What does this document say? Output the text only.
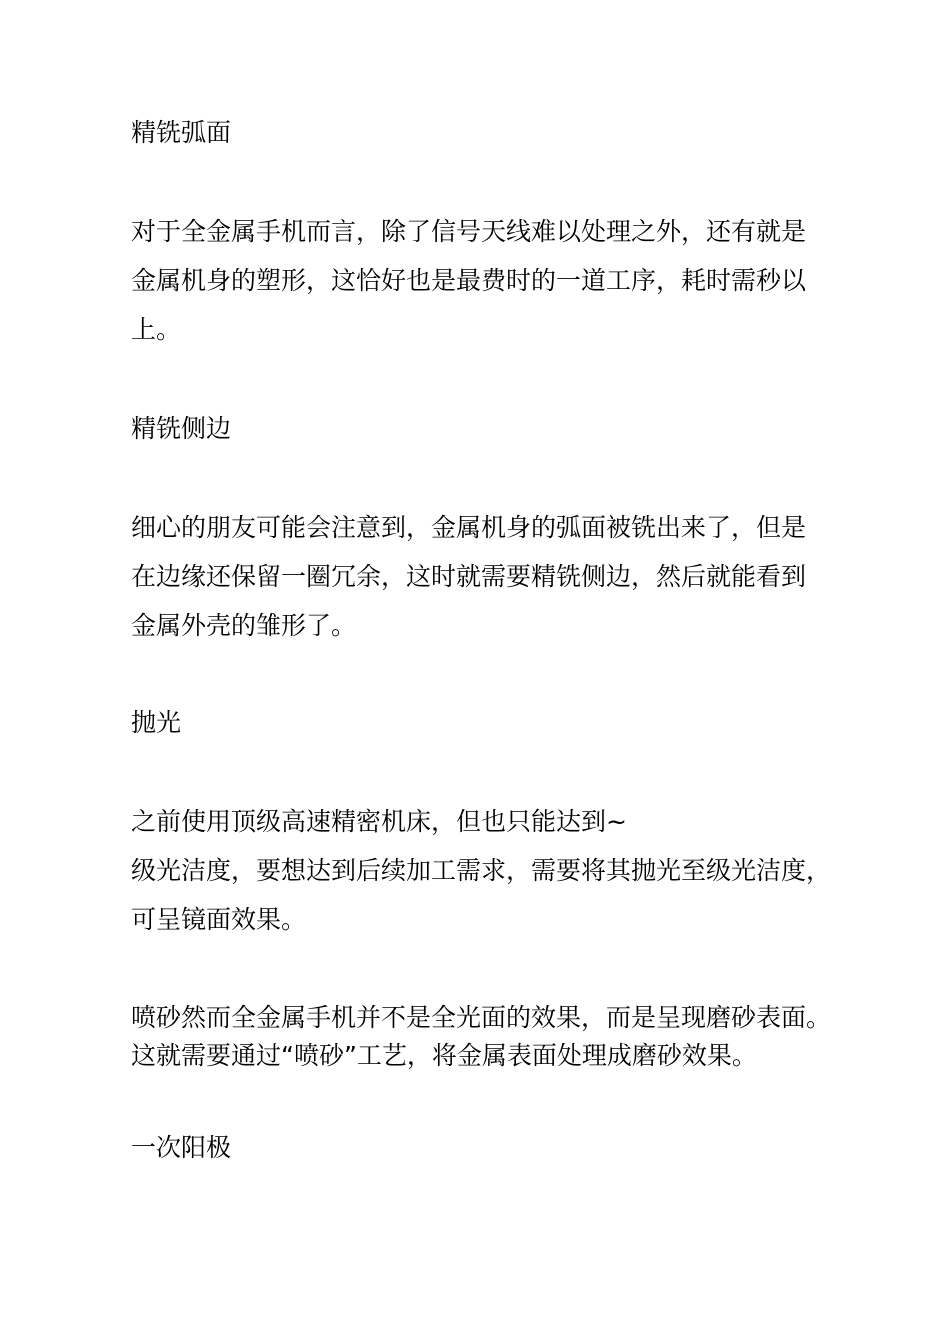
精铣弧面
对于全金属手机而言，除了信号天线难以处理之外，还有就是
金属机身的塑形，这恰好也是最费时的一道工序，耗时需秒以
上。
精铣侧边
细心的朋友可能会注意到，金属机身的弧面被铣出来了，但是
在边缘还保留一圈冗余，这时就需要精铣侧边，然后就能看到
金属外壳的雏形了。
抛光
之前使用顶级高速精密机床，但也只能达到~
级光洁度，要想达到后续加工需求，需要将其抛光至级光洁度，
可呈镜面效果。
喷砂然而全金属手机并不是全光面的效果，而是呈现磨砂表面。
这就需要通过“喷砂”工艺，将金属表面处理成磨砂效果。
一次阳极
